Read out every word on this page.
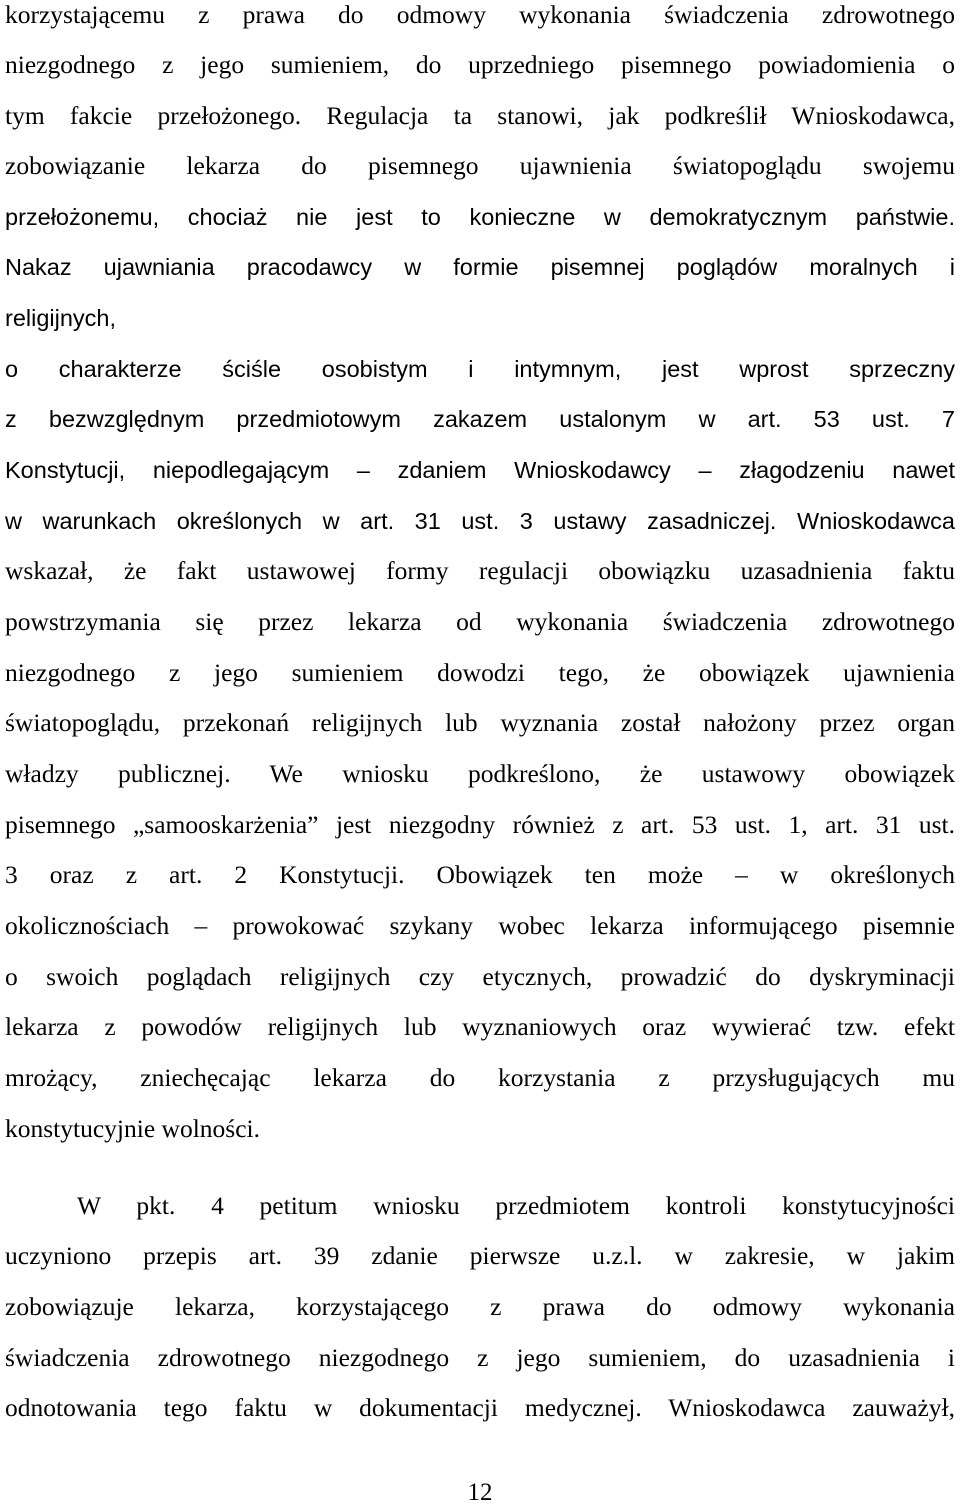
korzystającemu z prawa do odmowy wykonania świadczenia zdrowotnego
niezgodnego z jego sumieniem, do uprzedniego pisemnego powiadomienia o
tym fakcie przełożonego. Regulacja ta stanowi, jak podkreślił Wnioskodawca,
zobowiązanie lekarza do pisemnego ujawnienia światopoglądu swojemu
przełożonemu, chociaż nie jest to konieczne w demokratycznym państwie.
Nakaz ujawniania pracodawcy w formie pisemnej poglądów moralnych i
religijnych,
o charakterze ściśle osobistym i intymnym, jest wprost sprzeczny
z bezwzględnym przedmiotowym zakazem ustalonym w art. 53 ust. 7
Konstytucji, niepodlegającym – zdaniem Wnioskodawcy – złagodzeniu nawet
w warunkach określonych w art. 31 ust. 3 ustawy zasadniczej. Wnioskodawca
wskazał, że fakt ustawowej formy regulacji obowiązku uzasadnienia faktu
powstrzymania się przez lekarza od wykonania świadczenia zdrowotnego
niezgodnego z jego sumieniem dowodzi tego, że obowiązek ujawnienia
światopoglądu, przekonań religijnych lub wyznania został nałożony przez organ
władzy publicznej. We wniosku podkreślono, że ustawowy obowiązek
pisemnego „samooskarżenia” jest niezgodny również z art. 53 ust. 1, art. 31 ust.
3 oraz z art. 2 Konstytucji. Obowiązek ten może – w określonych
okolicznościach – prowokować szykany wobec lekarza informującego pisemnie
o swoich poglądach religijnych czy etycznych, prowadzić do dyskryminacji
lekarza z powodów religijnych lub wyznaniowych oraz wywierać tzw. efekt
mrożący, zniechęcając lekarza do korzystania z przysługujących mu
konstytucyjnie wolności.
W pkt. 4 petitum wniosku przedmiotem kontroli konstytucyjności
uczyniono przepis art. 39 zdanie pierwsze u.z.l. w zakresie, w jakim
zobowiązuje lekarza, korzystającego z prawa do odmowy wykonania
świadczenia zdrowotnego niezgodnego z jego sumieniem, do uzasadnienia i
odnotowania tego faktu w dokumentacji medycznej. Wnioskodawca zauważył,
12
